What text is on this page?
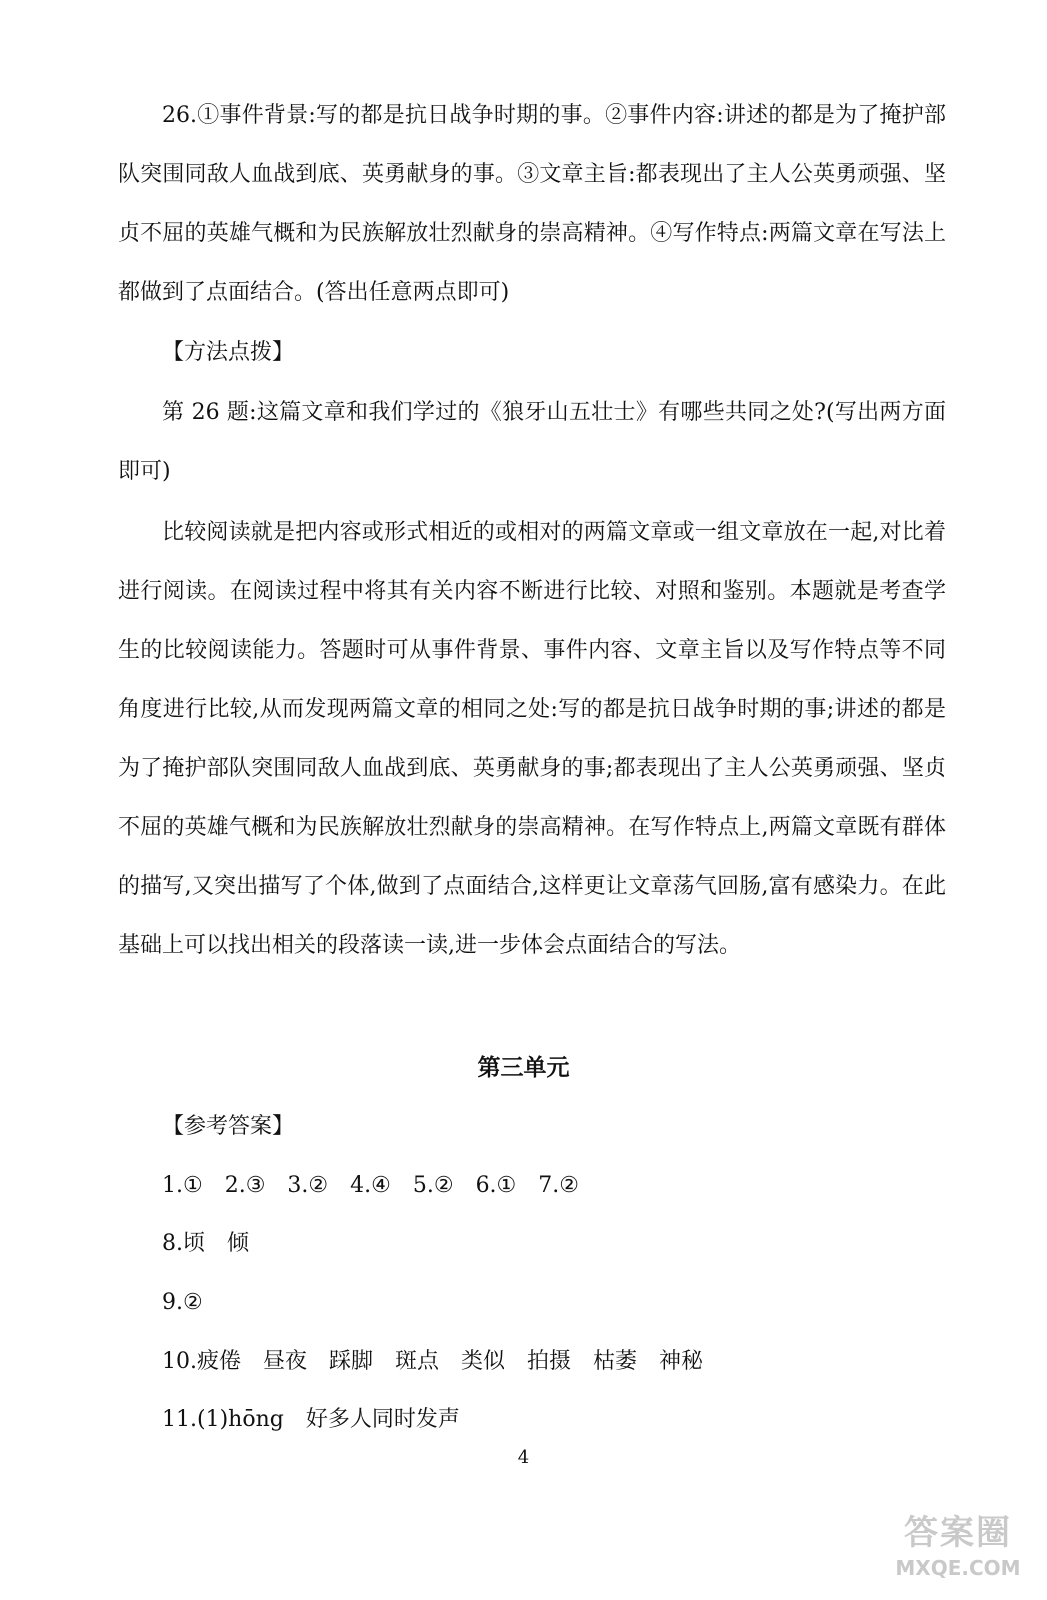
26.①事件背景:写的都是抗日战争时期的事。②事件内容:讲述的都是为了掩护部队突围同敌人血战到底、英勇献身的事。③文章主旨:都表现出了主人公英勇顽强、坚贞不屈的英雄气概和为民族解放壮烈献身的崇高精神。④写作特点:两篇文章在写法上都做到了点面结合。(答出任意两点即可)

【方法点拨】

第 26 题:这篇文章和我们学过的《狼牙山五壮士》有哪些共同之处?(写出两方面即可)

比较阅读就是把内容或形式相近的或相对的两篇文章或一组文章放在一起,对比着进行阅读。在阅读过程中将其有关内容不断进行比较、对照和鉴别。本题就是考查学生的比较阅读能力。答题时可从事件背景、事件内容、文章主旨以及写作特点等不同角度进行比较,从而发现两篇文章的相同之处:写的都是抗日战争时期的事;讲述的都是为了掩护部队突围同敌人血战到底、英勇献身的事;都表现出了主人公英勇顽强、坚贞不屈的英雄气概和为民族解放壮烈献身的崇高精神。在写作特点上,两篇文章既有群体的描写,又突出描写了个体,做到了点面结合,这样更让文章荡气回肠,富有感染力。在此基础上可以找出相关的段落读一读,进一步体会点面结合的写法。

第三单元

【参考答案】

1.①　2.③　3.②　4.④　5.②　6.①　7.②

8.顷　倾

9.②

10.疲倦　昼夜　踩脚　斑点　类似　拍摄　枯萎　神秘

11.(1)hōng　好多人同时发声

4

答案圈
MXQE.COM
